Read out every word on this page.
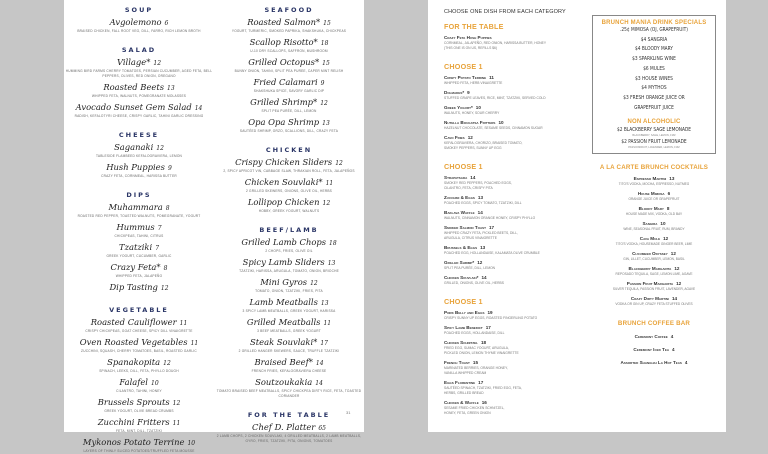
SOUP
Avgolemono 6
BRAISED CHICKEN, FALL ROOT VEG, DILL, FARRO, RICH LEMON BROTH
SALAD
Village* 12
HUMMING BIRD FARMS CHERRY TOMATOES, PERSIAN CUCUMBER, AGED FETA, BELL PEPPERS, OLIVES, RED ONION, OREGANO
Roasted Beets 13
WHIPPED FETA, WALNUTS, POMEGRANATE MOLASSES
Avocado Sunset Gem Salad 14
RADISH, KEFALOTYRI CHEESE, CRISPY GARLIC, TAHINI GARLIC DRESSING
CHEESE
Saganaki 12
TABLESIDE FLAMBEED KEFALOGRAVIERA, LEMON
Hush Puppies 9
CRAZY FETA, CORNMEAL, HARISSA BUTTER
DIPS
Muhammara 8
ROASTED RED PEPPER, TOASTED WALNUTS, POMEGRANATE, YOGURT
Hummus 7
CHICKPEAS, TAHINI, CITRUS
Tzatziki 7
GREEK YOGURT, CUCUMBER, GARLIC
Crazy Feta* 8
WHIPPED FETA, JALAPEÑO
Dip Tasting 12
VEGETABLE
Roasted Cauliflower 11
CRISPY CHICKPEAS, GOAT CHEESE, SPICY DILL VINAIGRETTE
Oven Roasted Vegetables 11
ZUCCHINI, SQUASH, CHERRY TOMATOES, BASIL, ROASTED GARLIC
Spanakopita 12
SPINACH, LEEKS, DILL, FETA, PHYLLO DOUGH
Falafel 10
CILANTRO, TAHINI, HONEY
Brussels Sprouts 12
GREEK YOGURT, OLIVE BREAD CRUMBS
Zucchini Fritters 11
FETA, MINT, DILL, TZATZIKI
Mykonos Potato Terrine 10
LAYERS OF THINLY SLICED POTATOES/TRUFFLED FETA MOUSSE
SEAFOOD
Roasted Salmon* 15
YOGURT, TURMERIC, SMOKED PAPRIKA, SHAKSHUKA, CHICKPEAS
Scallop Risotto* 18
U-10 DRY SCALLOPS, SAFFRON, MUSHROOM
Grilled Octopus* 15
BUNNY ONION, TAHINI, SPLIT PEA PUREE, CAPER MINT RELISH
Fried Calamari 9
SHAKSHUKA SPICE, SAVORY GARLIC DIP
Grilled Shrimp* 12
SPLIT PEA PURÉE, DILL, LEMON
Opa Opa Shrimp 13
SAUTÉED SHRIMP, ORZO, SCALLIONS, DILL, CRAZY FETA
CHICKEN
Crispy Chicken Sliders 12
2, SPICY APRICOT VIN, CABBAGE SLAW, THRAKIAN ROLL, FETA, JALAPEÑOS
Chicken Souvlaki* 11
2 GRILLED SKEWERS, ONIONS, OLIVE OIL, HERBS
Lollipop Chicken 12
HOBBY, GREEK YOGURT, WALNUTS
BEEF/LAMB
Grilled Lamb Chops 18
2 CHOPS, FRIES, OLIVE OIL
Spicy Lamb Sliders 13
TZATZIKI, HARISSA, ARUGULA, TOMATO, ONION, BRIOCHE
Mini Gyros 12
TOMATO, ONION, TZATZIKI, FRIES, PITA
Lamb Meatballs 13
3 SPICY LAMB MEATBALLS, GREEK YOGURT, HARISSA
Grilled Meatballs 11
3 BEEF MEATBALLS, GREEK YOGURT
Steak Souvlaki* 17
2 GRILLED HANGER SKEWERS, SAUCE, TRUFFLE TZATZIKI
Braised Beef* 14
FRENCH FRIES, KEFALOGRAVIERA CHEESE
Soutzoukakia 14
TOMATO BRAISED BEEF MEATBALLS, SPICY CHICKPEA DIRTY RICE, FETA, TOASTED CORIANDER
FOR THE TABLE
Chef D. Platter 65
2 LAMB CHOPS, 2 CHICKEN SOUVLAKI, 4 GRILLED MEATBALLS, 2 LAMB MEATBALLS, GYRO, FRIES, TZATZIKI, PITA, ONIONS, TOMATOES
31
CHOOSE ONE DISH FROM EACH CATEGORY
FOR THE TABLE
Crazy Feta Hush Puppies
CORNMEAL, JALAPEÑO, RED ONION, HARISSA BUTTER, HONEY
(THIS ONE IS ON US, REFILLS $6)
CHOOSE 1
Crispy Potato Terrine 11
WHIPPED FETA, HERB VINAIGRETTE
Dolmades* 9
STUFFED GRAPE LEAVES, RICE, MINT, TZATZIKI, SERVED COLD
Greek Yogurt* 10
WALNUTS, HONEY, SOUR CHERRY
Nutella Bougatsa Fritters 10
HAZELNUT CHOCOLATE, SESAME SEEDS, CINNAMON SUGAR
Cavo Fries 12
KEFALOGRAVIERA, CHORIZO, BRAISED TOMATO,
SMOKEY PEPPERS, SUNNY UP EGG
CHOOSE 1
Strapatsada 14
SMOKEY RED PEPPERS, POACHED EGGS,
CILANTRO, FETA, CRISPY PITA
Zucchini & Eggs 13
POACHED EGGS, SPICY TOMATO, TZATZIKI, DILL
Baklava Waffle 14
WALNUTS, CINNAMON ORANGE HONEY, CRISPY PHYLLO
Smoked Salmon Toast 17
WHIPPED CRAZY FETA, PICKLED BEETS, DILL,
ARUGULA, CITRUS VINAIGRETTE
Brussels & Eggs 13
POACHED EGG, HOLLANDAISE, KALAMATA OLIVE CRUMBLE
Grilled Shrimp* 12
SPLIT PEA PURÉE, DILL, LEMON
Chicken Souvlaki* 14
GRILLED, ONIONS, OLIVE OIL, HERBS
CHOOSE 1
Pork Belly and Eggs 19
CRISPY SUNNY UP EGGS, ROASTED FINGERLING POTATO
Spicy Lamb Benedict 17
POACHED EGGS, HOLLANDAISE, DILL
Chicken Schnitzel 18
FRIED EGG, SUMAC YOGURT, ARUGULA,
PICKLED ONION, LEMON THYME VINAIGRETTE
French Toast 15
MARINATED BERRIES, ORANGE HONEY,
VANILLA WHIPPED CREAM
Eggs Florentine 17
SAUTÉED SPINACH, TZATZIKI, FRIED EGG, FETA,
HERBS, GRILLED BREAD
Chicken & Waffle 16
SESAME FRIED CHICKEN SCHNITZEL,
HONEY, FETA, GREEN ONION
BRUNCH MANIA DRINK SPECIALS
.25¢ MIMOSA (OJ, GRAPEFRUIT)
$4 SANGRIA
$4 BLOODY MARY
$3 SPARKLING WINE
$6 MULES
$3 HOUSE WINES
$4 MYTHOS
$3 FRESH ORANGE JUICE OR
GRAPEFRUIT JUICE
NON ALCOHOLIC
$2 BLACKBERRY SAGE LEMONADE
BLACKBERRY, SAGE, LEMON, FIZZ
$2 PASSION FRUIT LEMONADE
PASSIONFRUIT, LAVENDER, LEMON, FIZZ
A LA CARTE BRUNCH COCKTAILS
Espresso Martini 13
TITO'S VODKA, MOCHA, ESPRESSO, NUTMEG
House Mimosa 6
ORANGE JUICE OR GRAPEFRUIT
Bloody Mary 8
HOUSE MADE MIX, VODKA, OLD BAY
Sangria 10
WINE, SEASONAL FRUIT, RUM, BRANDY
Cava Mule 12
TITO'S VODKA, HOUSEMADE GINGER BEER, LIME
Cucumber Odyssey 12
GIN, LILLET, CUCUMBER, LEMON, BASIL
Blackberry Margarita 12
REPOSADO TEQUILA, SAGE, LEMON LIME, AGAVE
Passion Fruit Margarita 12
SILVER TEQUILA, PASSION FRUIT, LAVENDER, AGAVE
Crazy Dirty Martini 14
VODKA OR GIN UP, CRAZY FETA STUFFED OLIVES
BRUNCH COFFEE BAR
Ceremony Coffee 4
Ceremony Iced Tea 4
Assorted Shanghai La Hot Teas 4
